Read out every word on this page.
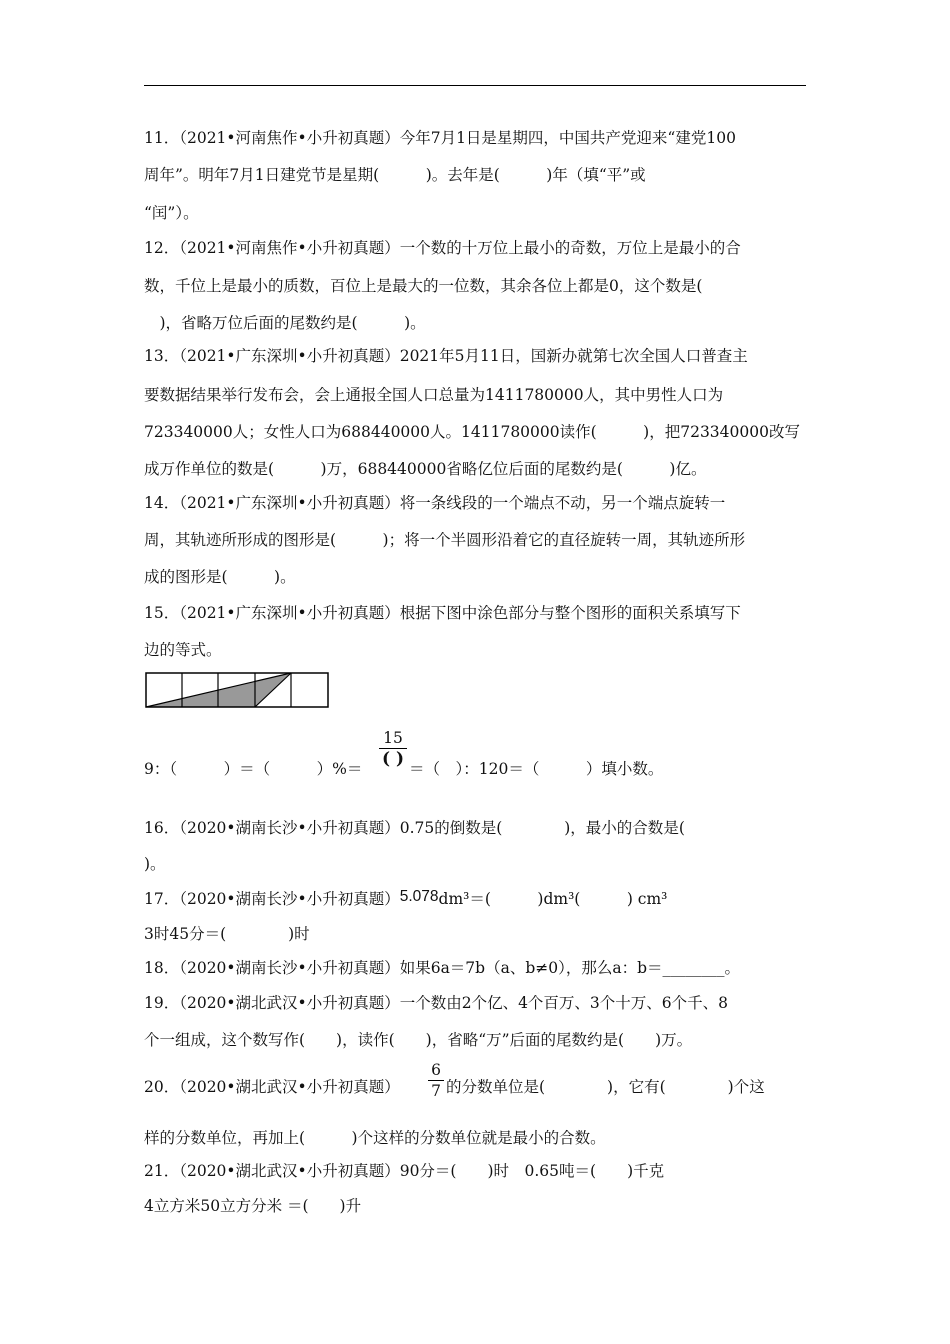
11．（2021•河南焦作•小升初真题）今年7月1日是星期四，中国共产党迎来“建党100
周年”。明年7月1日建党节是星期(　　　)。去年是(　　　)年（填“平”或
“闰”）。
12．（2021•河南焦作•小升初真题）一个数的十万位上最小的奇数，万位上是最小的合
数，千位上是最小的质数，百位上是最大的一位数，其余各位上都是0，这个数是(
　)，省略万位后面的尾数约是(　　　)。
13．（2021•广东深圳•小升初真题）2021年5月11日，国新办就第七次全国人口普查主
要数据结果举行发布会，会上通报全国人口总量为1411780000人，其中男性人口为
723340000人；女性人口为688440000人。1411780000读作(　　　)，把723340000改写
成万作单位的数是(　　　)万，688440000省略亿位后面的尾数约是(　　　)亿。
14．（2021•广东深圳•小升初真题）将一条线段的一个端点不动，另一个端点旋转一
周，其轨迹所形成的图形是(　　　)；将一个半圆形沿着它的直径旋转一周，其轨迹所形
成的图形是(　　　)。
15．（2021•广东深圳•小升初真题）根据下图中涂色部分与整个图形的面积关系填写下
边的等式。
9：（　　　）＝（　　　）%＝
15
( ) ＝（　）：120＝（　　　）填小数。
16．（2020•湖南长沙•小升初真题）0.75的倒数是(　　　　)，最小的合数是(
)。
17．（2020•湖南长沙•小升初真题）5.078dm³＝(　　　)dm³(　　　) cm³
3时45分＝(　　　　)时
18．（2020•湖南长沙•小升初真题）如果6a＝7b（a、b≠0），那么a：b＝________。
19．（2020•湖北武汉•小升初真题）一个数由2个亿、4个百万、3个十万、6个千、8
个一组成，这个数写作(　　)，读作(　　)，省略“万”后面的尾数约是(　　)万。
20．（2020•湖北武汉•小升初真题）
6
7 的分数单位是(　　　　)，它有(　　　　)个这
样的分数单位，再加上(　　　)个这样的分数单位就是最小的合数。
21．（2020•湖北武汉•小升初真题）90分＝(　　)时　0.65吨＝(　　)千克
4立方米50立方分米 ＝(　　)升
